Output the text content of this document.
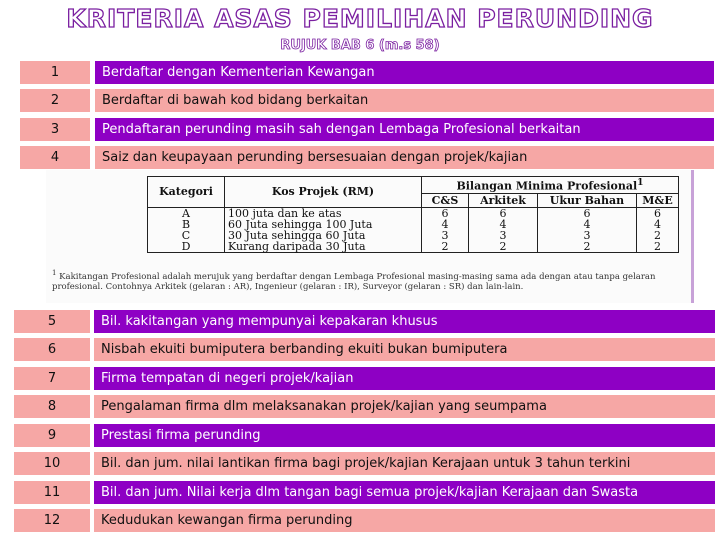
KRITERIA ASAS PEMILIHAN PERUNDING
RUJUK BAB 6 (m.s 58)
1	Berdaftar dengan Kementerian Kewangan
2	Berdaftar di bawah kod bidang berkaitan
3	Pendaftaran perunding masih sah dengan Lembaga Profesional berkaitan
4	Saiz dan keupayaan perunding bersesuaian dengan projek/kajian
Kategori	Kos Projek (RM)	Bilangan Minima Profesional$^1$
		C&S	Arkitek	Ukur Bahan	M&E
A	100 juta dan ke atas	6	6	6	6
B	60 Juta sehingga 100 Juta	4	4	4	4
C	30 Juta sehingga 60 Juta	3	3	3	2
D	Kurang daripada 30 Juta	2	2	2	2
$^1$ Kakitangan Profesional adalah merujuk yang berdaftar dengan Lembaga Profesional masing-masing sama ada dengan atau tanpa gelaran profesional. Contohnya Arkitek (gelaran : AR), Ingenieur (gelaran : IR), Surveyor (gelaran : SR) dan lain-lain.
5	Bil. kakitangan yang mempunyai kepakaran khusus
6	Nisbah ekuiti bumiputera berbanding ekuiti bukan bumiputera
7	Firma tempatan di negeri projek/kajian
8	Pengalaman firma dlm melaksanakan projek/kajian yang seumpama
9	Prestasi firma perunding
10	Bil. dan jum. nilai lantikan firma bagi projek/kajian Kerajaan untuk 3 tahun terkini
11	Bil. dan jum. Nilai kerja dlm tangan bagi semua projek/kajian Kerajaan dan Swasta
12	Kedudukan kewangan firma perunding
